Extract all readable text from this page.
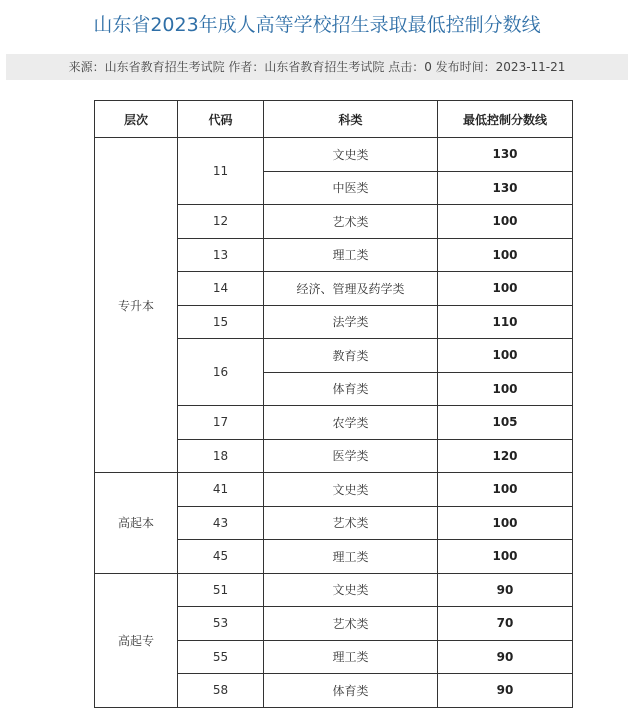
山东省2023年成人高等学校招生录取最低控制分数线
来源：山东省教育招生考试院 作者：山东省教育招生考试院 点击：0 发布时间：2023-11-21
层次	代码	科类	最低控制分数线
专升本	11	文史类	130
		中医类	130
	12	艺术类	100
	13	理工类	100
	14	经济、管理及药学类	100
	15	法学类	110
	16	教育类	100
		体育类	100
	17	农学类	105
	18	医学类	120
高起本	41	文史类	100
	43	艺术类	100
	45	理工类	100
高起专	51	文史类	90
	53	艺术类	70
	55	理工类	90
	58	体育类	90
